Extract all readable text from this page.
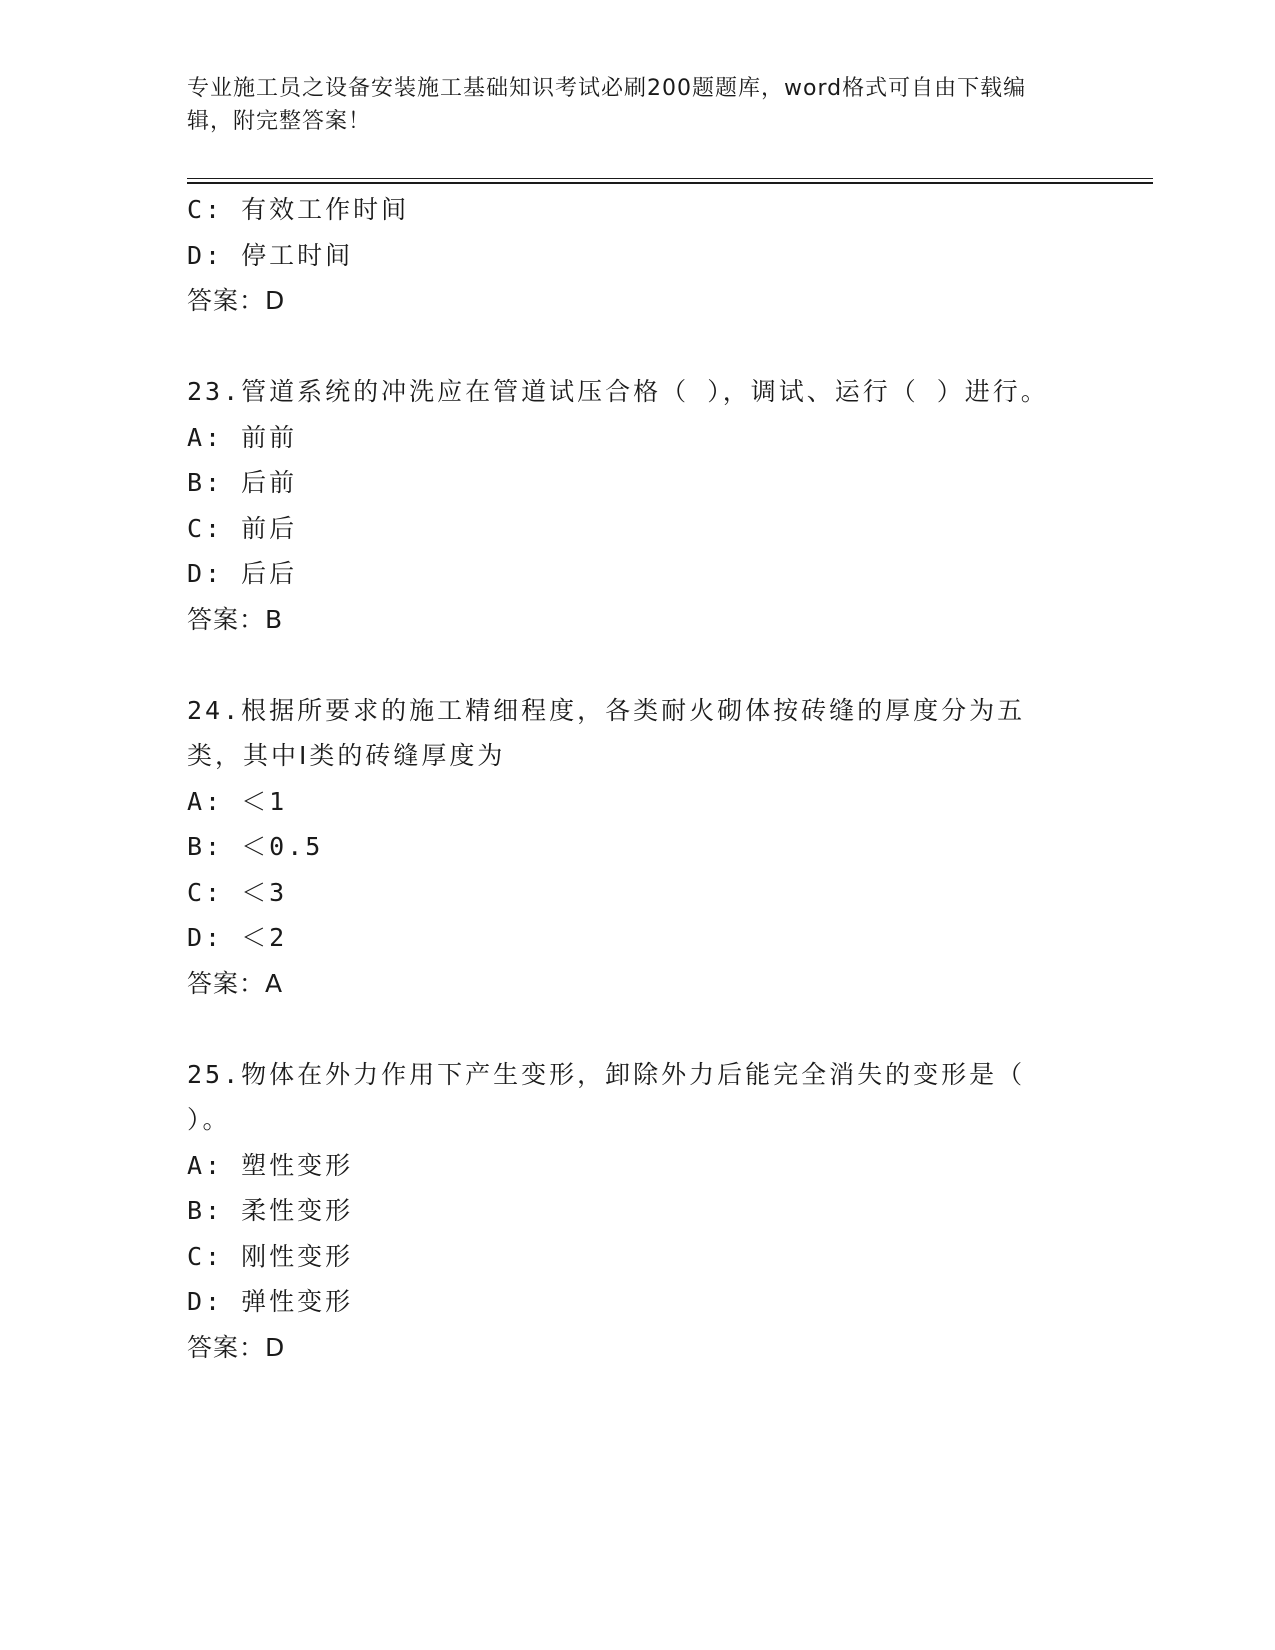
专业施工员之设备安装施工基础知识考试必刷200题题库，word格式可自由下载编辑，附完整答案！
C: 有效工作时间
D: 停工时间
答案：D
23.管道系统的冲洗应在管道试压合格（ ），调试、运行（ ）进行。
A: 前前
B: 后前
C: 前后
D: 后后
答案：B
24.根据所要求的施工精细程度，各类耐火砌体按砖缝的厚度分为五类，其中Ⅰ类的砖缝厚度为
A: ＜1
B: ＜0.5
C: ＜3
D: ＜2
答案：A
25.物体在外力作用下产生变形，卸除外力后能完全消失的变形是（ ）。
A: 塑性变形
B: 柔性变形
C: 刚性变形
D: 弹性变形
答案：D
